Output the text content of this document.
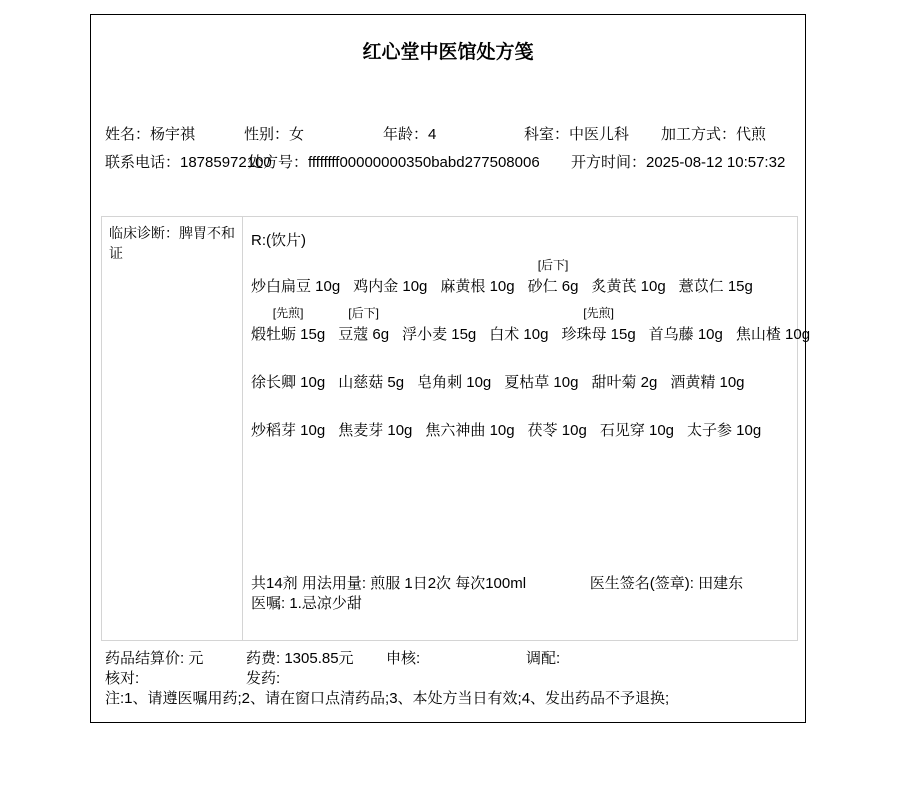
红心堂中医馆处方笺
姓名：杨宇祺	性别：女	年龄：4	科室：中医儿科 加工方式：代煎
联系电话：18785972100
处方号：ffffffff00000000350babd277508006 开方时间：2025-08-12 10:57:32
临床诊断：脾胃不和证
R:(饮片)
炒白扁豆 10g 鸡内金 10g 麻黄根 10g
[后下]
砂仁 6g 炙黄芪 10g 薏苡仁 15g
[先煎]
煅牡蛎 15g
[后下]
豆蔻 6g 浮小麦 15g 白术 10g
[先煎]
珍珠母 15g 首乌藤 10g 焦山楂 10g
徐长卿 10g 山慈菇 5g 皂角刺 10g 夏枯草 10g 甜叶菊 2g 酒黄精 10g
炒稻芽 10g 焦麦芽 10g 焦六神曲 10g 茯苓 10g 石见穿 10g 太子参 10g
共14剂 用法用量: 煎服 1日2次 每次100ml	医生签名(签章): 田建东
医嘱: 1.忌凉少甜
药品结算价: 元	药费: 1305.85元 申核:	调配:
核对:	发药:
注:1、请遵医嘱用药;2、请在窗口点清药品;3、本处方当日有效;4、发出药品不予退换;
